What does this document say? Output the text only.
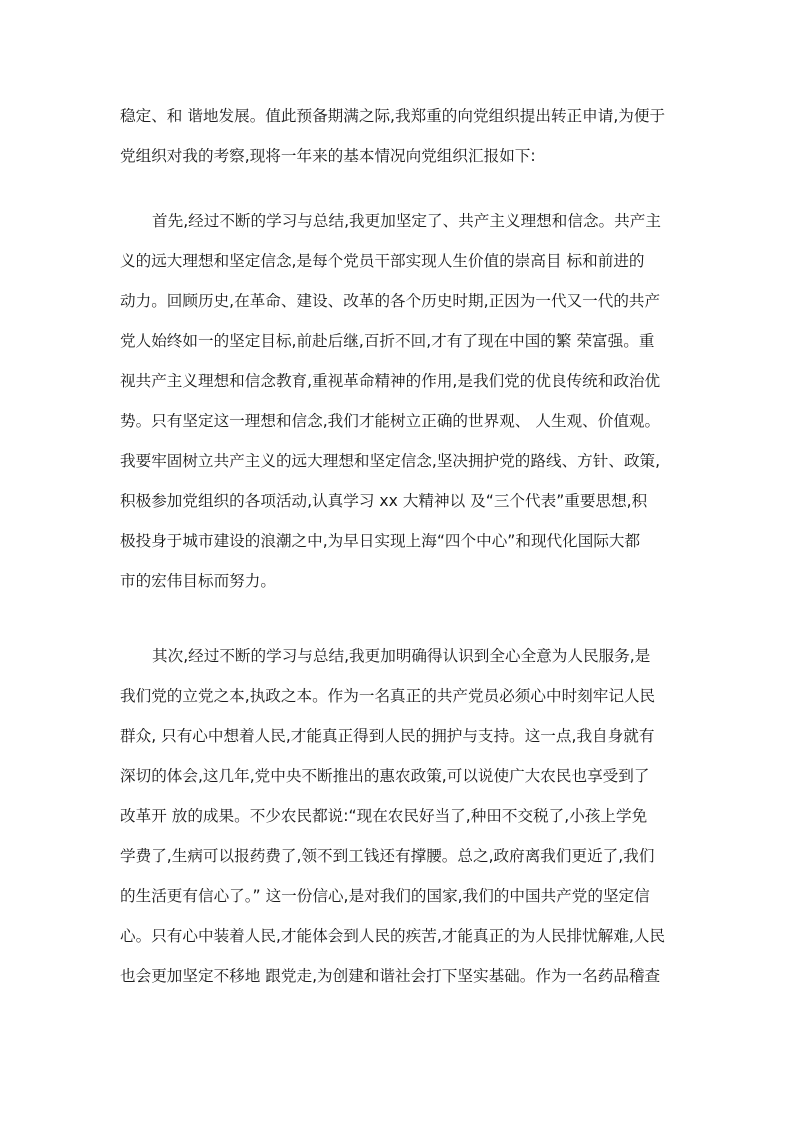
稳定、和 谐地发展。值此预备期满之际,我郑重的向党组织提出转正申请,为便于
党组织对我的考察,现将一年来的基本情况向党组织汇报如下:
首先,经过不断的学习与总结,我更加坚定了、共产主义理想和信念。共产主
义的远大理想和坚定信念,是每个党员干部实现人生价值的崇高目 标和前进的
动力。回顾历史,在革命、建设、改革的各个历史时期,正因为一代又一代的共产
党人始终如一的坚定目标,前赴后继,百折不回,才有了现在中国的繁 荣富强。重
视共产主义理想和信念教育,重视革命精神的作用,是我们党的优良传统和政治优
势。只有坚定这一理想和信念,我们才能树立正确的世界观、 人生观、价值观。
我要牢固树立共产主义的远大理想和坚定信念,坚决拥护党的路线、方针、政策,
积极参加党组织的各项活动,认真学习 xx 大精神以 及“三个代表”重要思想,积
极投身于城市建设的浪潮之中,为早日实现上海“四个中心”和现代化国际大都
市的宏伟目标而努力。
其次,经过不断的学习与总结,我更加明确得认识到全心全意为人民服务,是
我们党的立党之本,执政之本。作为一名真正的共产党员必须心中时刻牢记人民
群众, 只有心中想着人民,才能真正得到人民的拥护与支持。这一点,我自身就有
深切的体会,这几年,党中央不断推出的惠农政策,可以说使广大农民也享受到了
改革开 放的成果。不少农民都说:“现在农民好当了,种田不交税了,小孩上学免
学费了,生病可以报药费了,领不到工钱还有撑腰。总之,政府离我们更近了,我们
的生活更有信心了。” 这一份信心,是对我们的国家,我们的中国共产党的坚定信
心。只有心中装着人民,才能体会到人民的疾苦,才能真正的为人民排忧解难,人民
也会更加坚定不移地 跟党走,为创建和谐社会打下坚实基础。作为一名药品稽查
